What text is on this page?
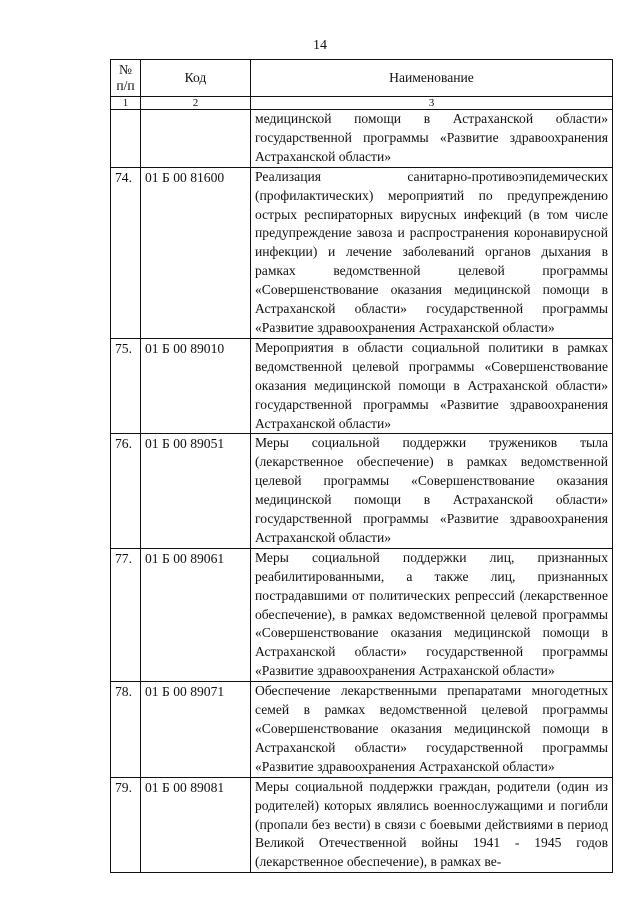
14
№ п/п	Код	Наименование
1	2	3
		медицинской помощи в Астраханской области» государственной программы «Развитие здравоохранения Астраханской области»
74.	01 Б 00 81600	Реализация санитарно-противоэпидемических (профилактических) мероприятий по предупреждению острых респираторных вирусных инфекций (в том числе предупреждение завоза и распространения коронавирусной инфекции) и лечение заболеваний органов дыхания в рамках ведомственной целевой программы «Совершенствование оказания медицинской помощи в Астраханской области» государственной программы «Развитие здравоохранения Астраханской области»
75.	01 Б 00 89010	Мероприятия в области социальной политики в рамках ведомственной целевой программы «Совершенствование оказания медицинской помощи в Астраханской области» государственной программы «Развитие здравоохранения Астраханской области»
76.	01 Б 00 89051	Меры социальной поддержки тружеников тыла (лекарственное обеспечение) в рамках ведомственной целевой программы «Совершенствование оказания медицинской помощи в Астраханской области» государственной программы «Развитие здравоохранения Астраханской области»
77.	01 Б 00 89061	Меры социальной поддержки лиц, признанных реабилитированными, а также лиц, признанных пострадавшими от политических репрессий (лекарственное обеспечение), в рамках ведомственной целевой программы «Совершенствование оказания медицинской помощи в Астраханской области» государственной программы «Развитие здравоохранения Астраханской области»
78.	01 Б 00 89071	Обеспечение лекарственными препаратами многодетных семей в рамках ведомственной целевой программы «Совершенствование оказания медицинской помощи в Астраханской области» государственной программы «Развитие здравоохранения Астраханской области»
79.	01 Б 00 89081	Меры социальной поддержки граждан, родители (один из родителей) которых являлись военнослужащими и погибли (пропали без вести) в связи с боевыми действиями в период Великой Отечественной войны 1941 - 1945 годов (лекарственное обеспечение), в рамках ве-
